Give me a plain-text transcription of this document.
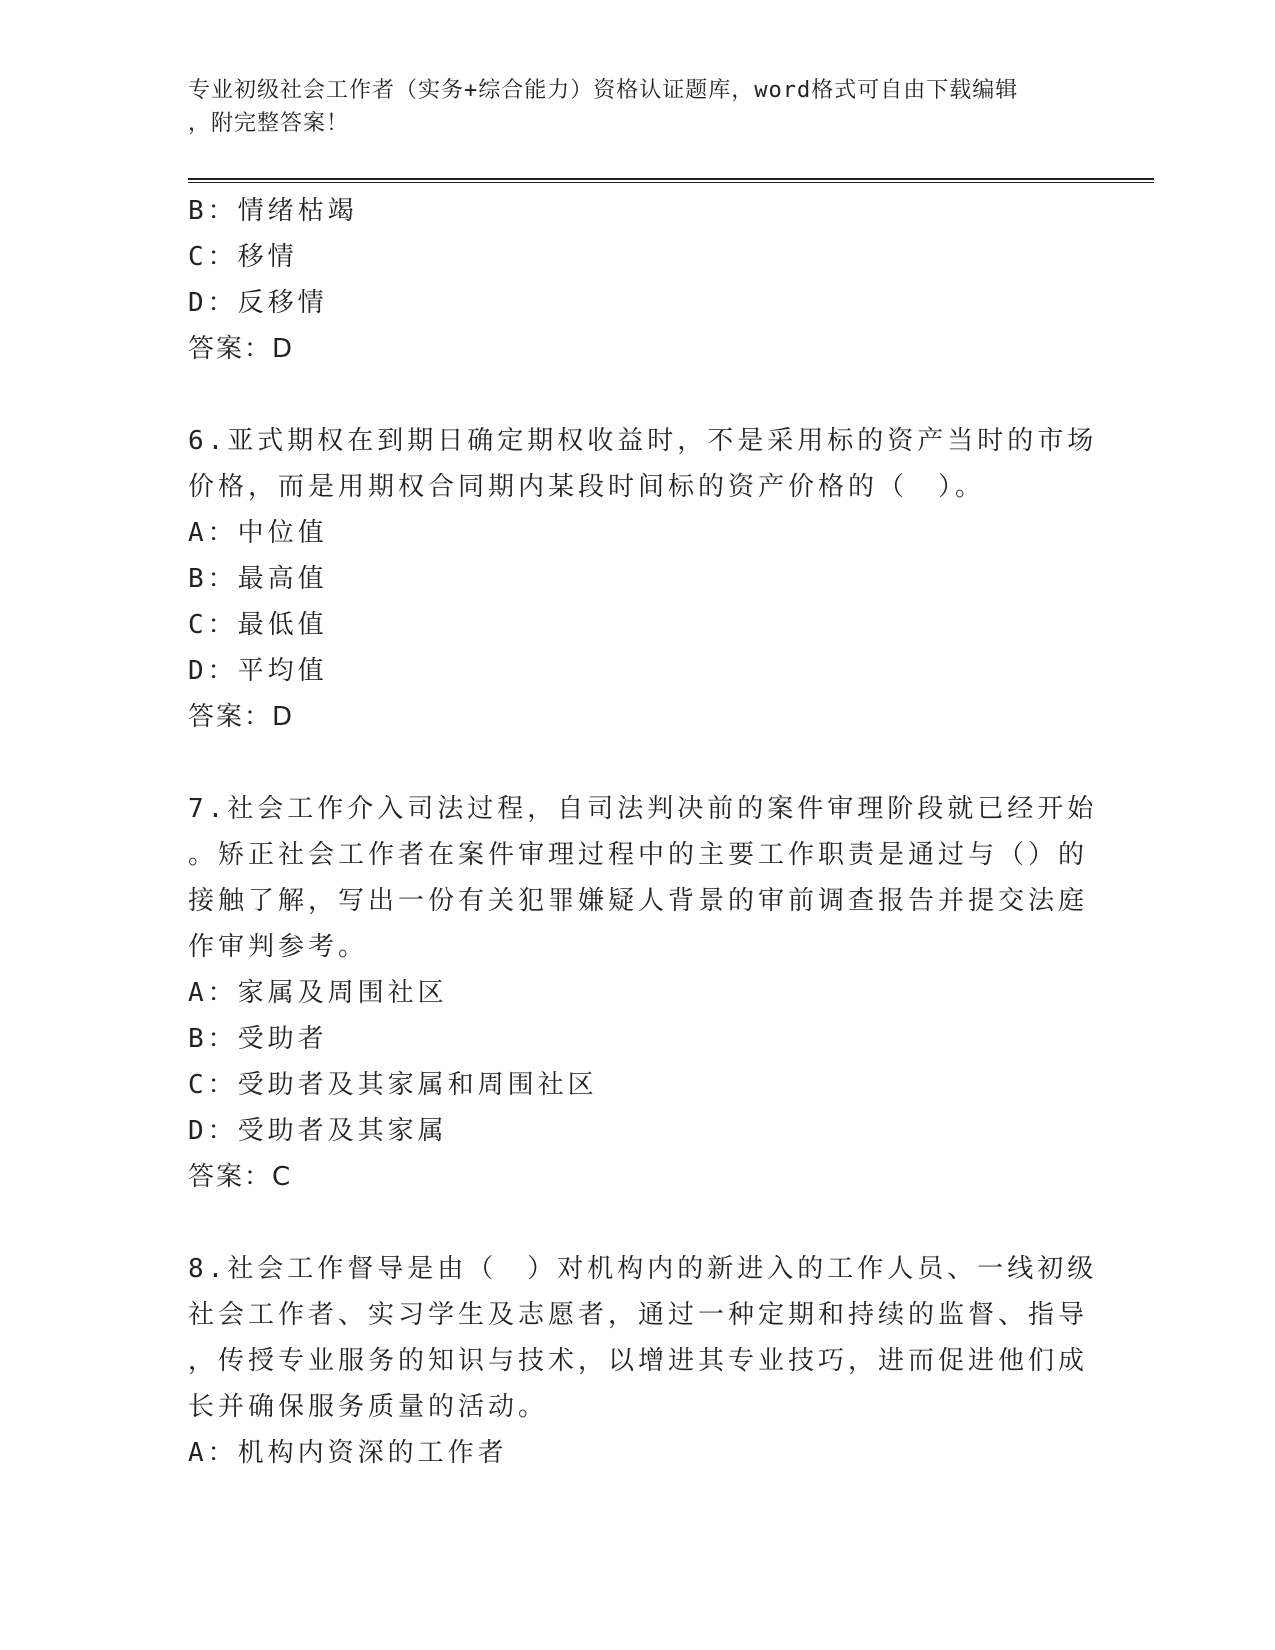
专业初级社会工作者（实务+综合能力）资格认证题库，word格式可自由下载编辑
，附完整答案！
B：情绪枯竭
C：移情
D：反移情
答案：D
6.亚式期权在到期日确定期权收益时，不是采用标的资产当时的市场
价格，而是用期权合同期内某段时间标的资产价格的（　）。
A：中位值
B：最高值
C：最低值
D：平均值
答案：D
7.社会工作介入司法过程，自司法判决前的案件审理阶段就已经开始
。矫正社会工作者在案件审理过程中的主要工作职责是通过与（）的
接触了解，写出一份有关犯罪嫌疑人背景的审前调查报告并提交法庭
作审判参考。
A：家属及周围社区
B：受助者
C：受助者及其家属和周围社区
D：受助者及其家属
答案：C
8.社会工作督导是由（　）对机构内的新进入的工作人员、一线初级
社会工作者、实习学生及志愿者，通过一种定期和持续的监督、指导
，传授专业服务的知识与技术，以增进其专业技巧，进而促进他们成
长并确保服务质量的活动。
A：机构内资深的工作者
